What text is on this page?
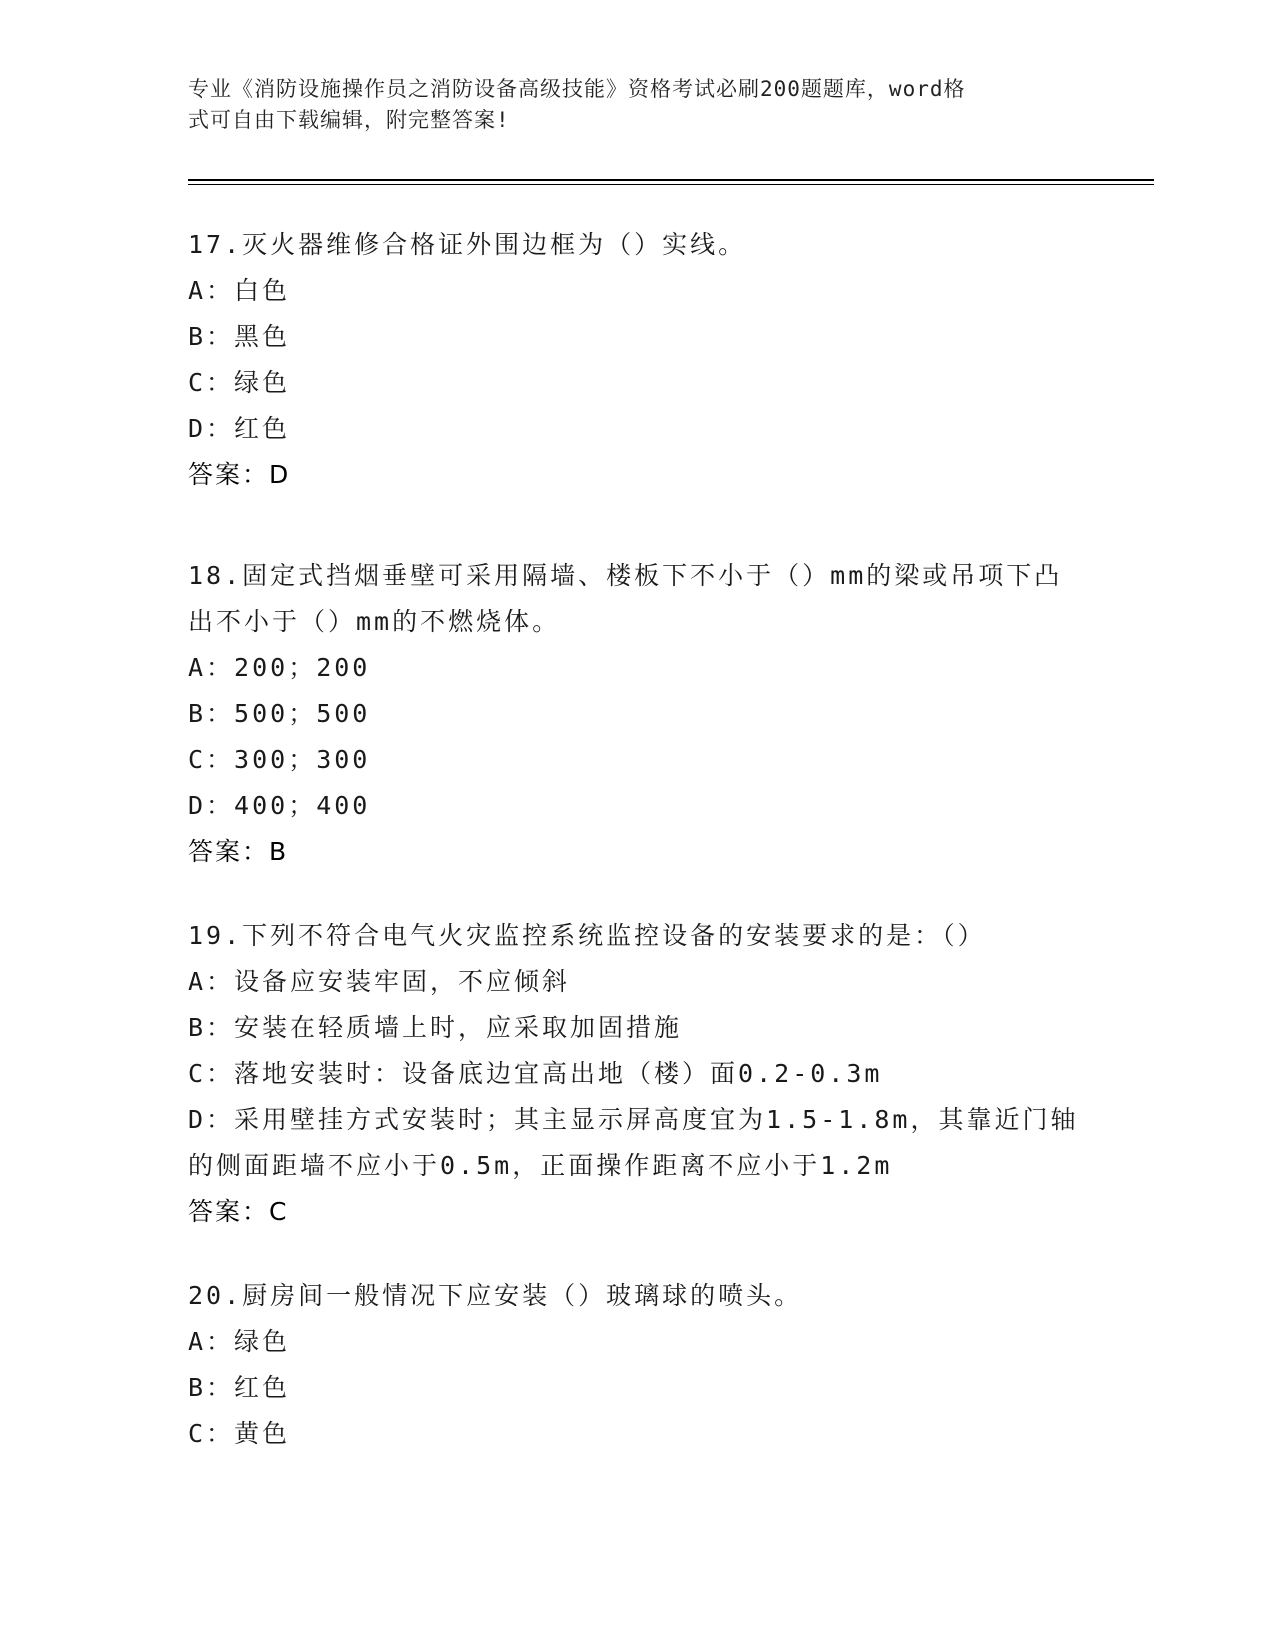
专业《消防设施操作员之消防设备高级技能》资格考试必刷200题题库，word格
式可自由下载编辑，附完整答案!

17.灭火器维修合格证外围边框为（）实线。

A：白色

B：黑色

C：绿色

D：红色

答案：D

18.固定式挡烟垂壁可采用隔墙、楼板下不小于（）mm的梁或吊项下凸

出不小于（）mm的不燃烧体。

A：200；200

B：500；500

C：300；300

D：400；400

答案：B

19.下列不符合电气火灾监控系统监控设备的安装要求的是：（）

A：设备应安装牢固，不应倾斜

B：安装在轻质墙上时，应采取加固措施

C：落地安装时：设备底边宜高出地（楼）面0.2-0.3m

D：采用壁挂方式安装时；其主显示屏高度宜为1.5-1.8m，其靠近门轴

的侧面距墙不应小于0.5m，正面操作距离不应小于1.2m

答案：C

20.厨房间一般情况下应安装（）玻璃球的喷头。

A：绿色

B：红色

C：黄色
